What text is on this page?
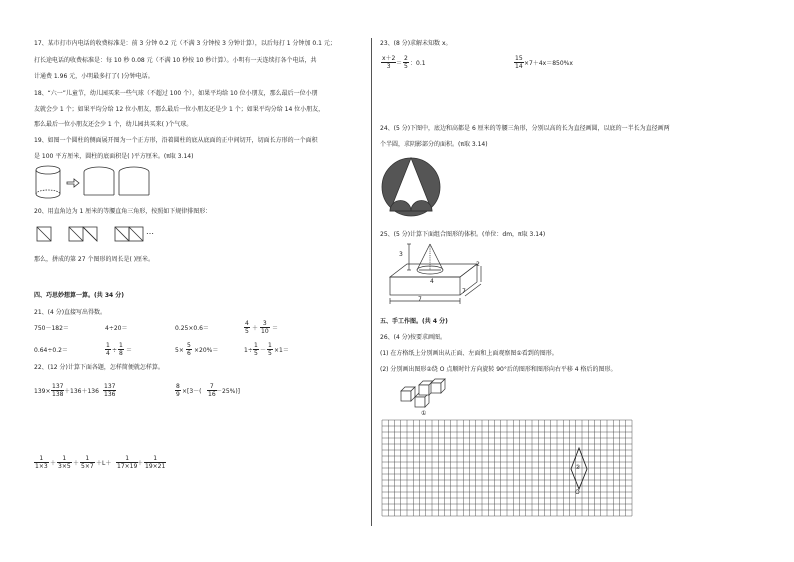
17、某市打市内电话的收费标准是：前 3 分钟 0.2 元（不满 3 分钟按 3 分钟计算），以后每打 1 分钟加 0.1 元；
打长途电话的收费标准是：每 10 秒 0.08 元（不满 10 秒按 10 秒计算）。小明有一天连续打各个电话，共
计通费 1.96 元，小明最多打了( )分钟电话。
18、“六一”儿童节，幼儿园买来一些气球（不超过 100 个），如果平均给 10 位小朋友，那么最后一位小朋
友就会少 1 个；如果平均分给 12 位小朋友，那么最后一位小朋友还是少 1 个；如果平均分给 14 位小朋友，
那么最后一位小朋友还会少 1 个，幼儿园共买来( )个气球。
19、如图一个圆柱的侧面展开图为一个正方形，沿着圆柱的底从底面的正中间切开，切面长方形的一个面积
是 100 平方厘米，圆柱的底面积是( )平方厘米。(π取 3.14)
20、用直角边为 1 厘米的等腰直角三角形，按照如下规律排图形：
…
那么，拼成的第 27 个图形的周长是( )厘米。
四、巧思妙想算一算。(共 34 分)
21、(4 分)直接写出得数。
750－182＝	4÷20＝	0.25×0.6＝	$\frac{4}{5} + \frac{3}{10}$ ＝
0.64÷0.2＝	$\frac{1}{4} \div \frac{1}{8}$ ＝	$5\times \frac{5}{6} \times 20\%=$	$1\div \frac{1}{5} - \frac{1}{5} \times 1=$
22、(12 分)计算下面各题，怎样简便就怎样算。
$139\times \frac{137}{138} +136+136 \frac{137}{136}$	$\frac{8}{9} \times[3-( \frac{7}{16} -25\%)]$
$\frac{1}{1\times 3} + \frac{1}{3\times 5} + \frac{1}{5\times 7} +L+ \frac{1}{17\times 19}$
＋ $\frac{1}{19\times 21}$
23、(8 分)求解未知数 x。
$\frac{x+2}{3} = \frac{2}{5}$ ：0.1	$\frac{15}{14} \times 7+4x=850\%x$
24、(5 分)下图中，底边和高都是 6 厘米的等腰三角形，分别以高的长为直径画圆，以底的一半长为直径画两
个半圆，求阴影部分的面积。(π取 3.14)
25、(5 分)计算下面组合图形的体积。(单位：dm，π取 3.14)
3
4
2
7
7
五、手工作图。(共 4 分)
26、(4 分)按要求画图。
(1) 在方格纸上分别画出从正面、左面和上面观察图①看到的图形。
(2) 分别画出图形②绕 O 点顺时针方向旋转 90°后的图形和图形向右平移 4 格后的图形。
①
②
O
